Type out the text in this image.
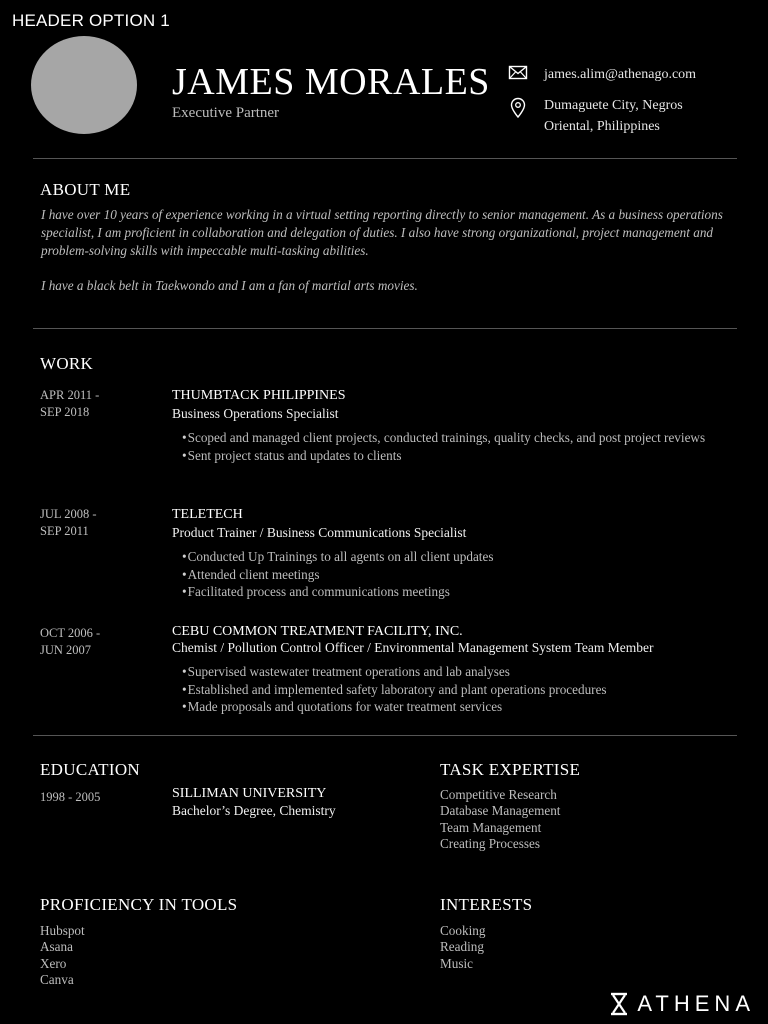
HEADER OPTION 1
JAMES MORALES
Executive Partner
james.alim@athenago.com
Dumaguete City, Negros
Oriental, Philippines
ABOUT ME

I have over 10 years of experience working in a virtual setting reporting directly to senior management. As a business operations specialist, I am proficient in collaboration and delegation of duties. I also have strong organizational, project management and problem-solving skills with impeccable multi-tasking abilities.

I have a black belt in Taekwondo and I am a fan of martial arts movies.

WORK
APR 2011 -
SEP 2018
THUMBTACK PHILIPPINES
Business Operations Specialist
• Scoped and managed client projects, conducted trainings, quality checks, and post project reviews
• Sent project status and updates to clients
JUL 2008 -
SEP 2011
TELETECH
Product Trainer / Business Communications Specialist
• Conducted Up Trainings to all agents on all client updates
• Attended client meetings
• Facilitated process and communications meetings
OCT 2006 -
JUN 2007
CEBU COMMON TREATMENT FACILITY, INC.
Chemist / Pollution Control Officer / Environmental Management System Team Member
• Supervised wastewater treatment operations and lab analyses
• Established and implemented safety laboratory and plant operations procedures
• Made proposals and quotations for water treatment services
EDUCATION
1998 - 2005	SILLIMAN UNIVERSITY
Bachelor’s Degree, Chemistry
TASK EXPERTISE
Competitive Research
Database Management
Team Management
Creating Processes
PROFICIENCY IN TOOLS
Hubspot
Asana
Xero
Canva
INTERESTS
Cooking
Reading
Music
ATHENA
